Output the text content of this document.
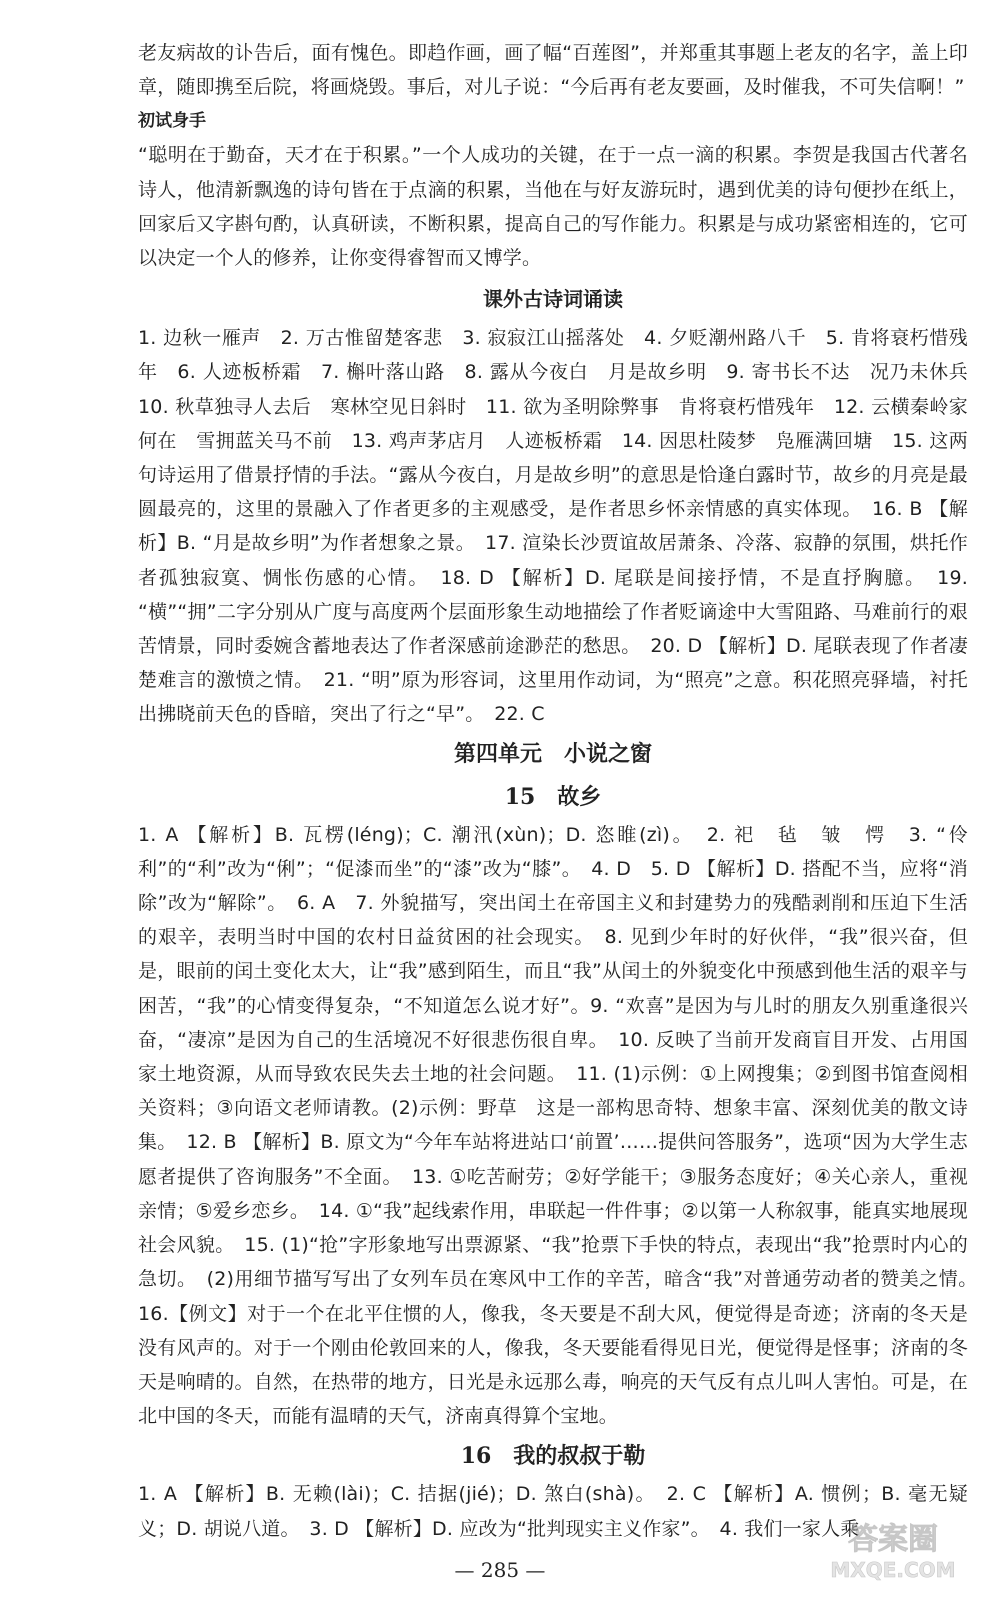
老友病故的讣告后，面有愧色。即趋作画，画了幅“百莲图”，并郑重其事题上老友的名字，盖上印章，随即携至后院，将画烧毁。事后，对儿子说：“今后再有老友要画，及时催我，不可失信啊！”

初试身手

“聪明在于勤奋，天才在于积累。”一个人成功的关键，在于一点一滴的积累。李贺是我国古代著名诗人，他清新飘逸的诗句皆在于点滴的积累，当他在与好友游玩时，遇到优美的诗句便抄在纸上，回家后又字斟句酌，认真研读，不断积累，提高自己的写作能力。积累是与成功紧密相连的，它可以决定一个人的修养，让你变得睿智而又博学。

课外古诗词诵读

1. 边秋一雁声　2. 万古惟留楚客悲　3. 寂寂江山摇落处　4. 夕贬潮州路八千　5. 肯将衰朽惜残年　6. 人迹板桥霜　7. 槲叶落山路　8. 露从今夜白　月是故乡明　9. 寄书长不达　况乃未休兵　10. 秋草独寻人去后　寒林空见日斜时　11. 欲为圣明除弊事　肯将衰朽惜残年　12. 云横秦岭家何在　雪拥蓝关马不前　13. 鸡声茅店月　人迹板桥霜　14. 因思杜陵梦　凫雁满回塘　15. 这两句诗运用了借景抒情的手法。“露从今夜白，月是故乡明”的意思是恰逢白露时节，故乡的月亮是最圆最亮的，这里的景融入了作者更多的主观感受，是作者思乡怀亲情感的真实体现。　16. B 【解析】B. “月是故乡明”为作者想象之景。　17. 渲染长沙贾谊故居萧条、冷落、寂静的氛围，烘托作者孤独寂寞、惆怅伤感的心情。　18. D 【解析】D. 尾联是间接抒情，不是直抒胸臆。　19. “横”“拥”二字分别从广度与高度两个层面形象生动地描绘了作者贬谪途中大雪阻路、马难前行的艰苦情景，同时委婉含蓄地表达了作者深感前途渺茫的愁思。　20. D 【解析】D. 尾联表现了作者凄楚难言的激愤之情。　21. “明”原为形容词，这里用作动词，为“照亮”之意。积花照亮驿墙，衬托出拂晓前天色的昏暗，突出了行之“早”。　22. C

第四单元　小说之窗
15　故乡

1. A 【解析】B. 瓦楞(léng)；C. 潮汛(xùn)；D. 恣睢(zì)。　2. 祀　毡　皱　愕　3. “伶利”的“利”改为“俐”；“促漆而坐”的“漆”改为“膝”。　4. D　5. D 【解析】D. 搭配不当，应将“消除”改为“解除”。　6. A　7. 外貌描写，突出闰土在帝国主义和封建势力的残酷剥削和压迫下生活的艰辛，表明当时中国的农村日益贫困的社会现实。　8. 见到少年时的好伙伴，“我”很兴奋，但是，眼前的闰土变化太大，让“我”感到陌生，而且“我”从闰土的外貌变化中预感到他生活的艰辛与困苦，“我”的心情变得复杂，“不知道怎么说才好”。9. “欢喜”是因为与儿时的朋友久别重逢很兴奋，“凄凉”是因为自己的生活境况不好很悲伤很自卑。　10. 反映了当前开发商盲目开发、占用国家土地资源，从而导致农民失去土地的社会问题。　11. (1)示例：①上网搜集；②到图书馆查阅相关资料；③向语文老师请教。(2)示例：野草　这是一部构思奇特、想象丰富、深刻优美的散文诗集。　12. B 【解析】B. 原文为“今年车站将进站口‘前置’……提供问答服务”，选项“因为大学生志愿者提供了咨询服务”不全面。　13. ①吃苦耐劳；②好学能干；③服务态度好；④关心亲人，重视亲情；⑤爱乡恋乡。　14. ①“我”起线索作用，串联起一件件事；②以第一人称叙事，能真实地展现社会风貌。　15. (1)“抢”字形象地写出票源紧、“我”抢票下手快的特点，表现出“我”抢票时内心的急切。　(2)用细节描写写出了女列车员在寒风中工作的辛苦，暗含“我”对普通劳动者的赞美之情。　16.【例文】对于一个在北平住惯的人，像我，冬天要是不刮大风，便觉得是奇迹；济南的冬天是没有风声的。对于一个刚由伦敦回来的人，像我，冬天要能看得见日光，便觉得是怪事；济南的冬天是响晴的。自然，在热带的地方，日光是永远那么毒，响亮的天气反有点儿叫人害怕。可是，在北中国的冬天，而能有温晴的天气，济南真得算个宝地。

16　我的叔叔于勒

1. A 【解析】B. 无赖(lài)；C. 拮据(jié)；D. 煞白(shà)。　2. C 【解析】A. 惯例；B. 毫无疑义；D. 胡说八道。　3. D 【解析】D. 应改为“批判现实主义作家”。　4. 我们一家人乘

— 285 —
答案圈
MXQE.COM
